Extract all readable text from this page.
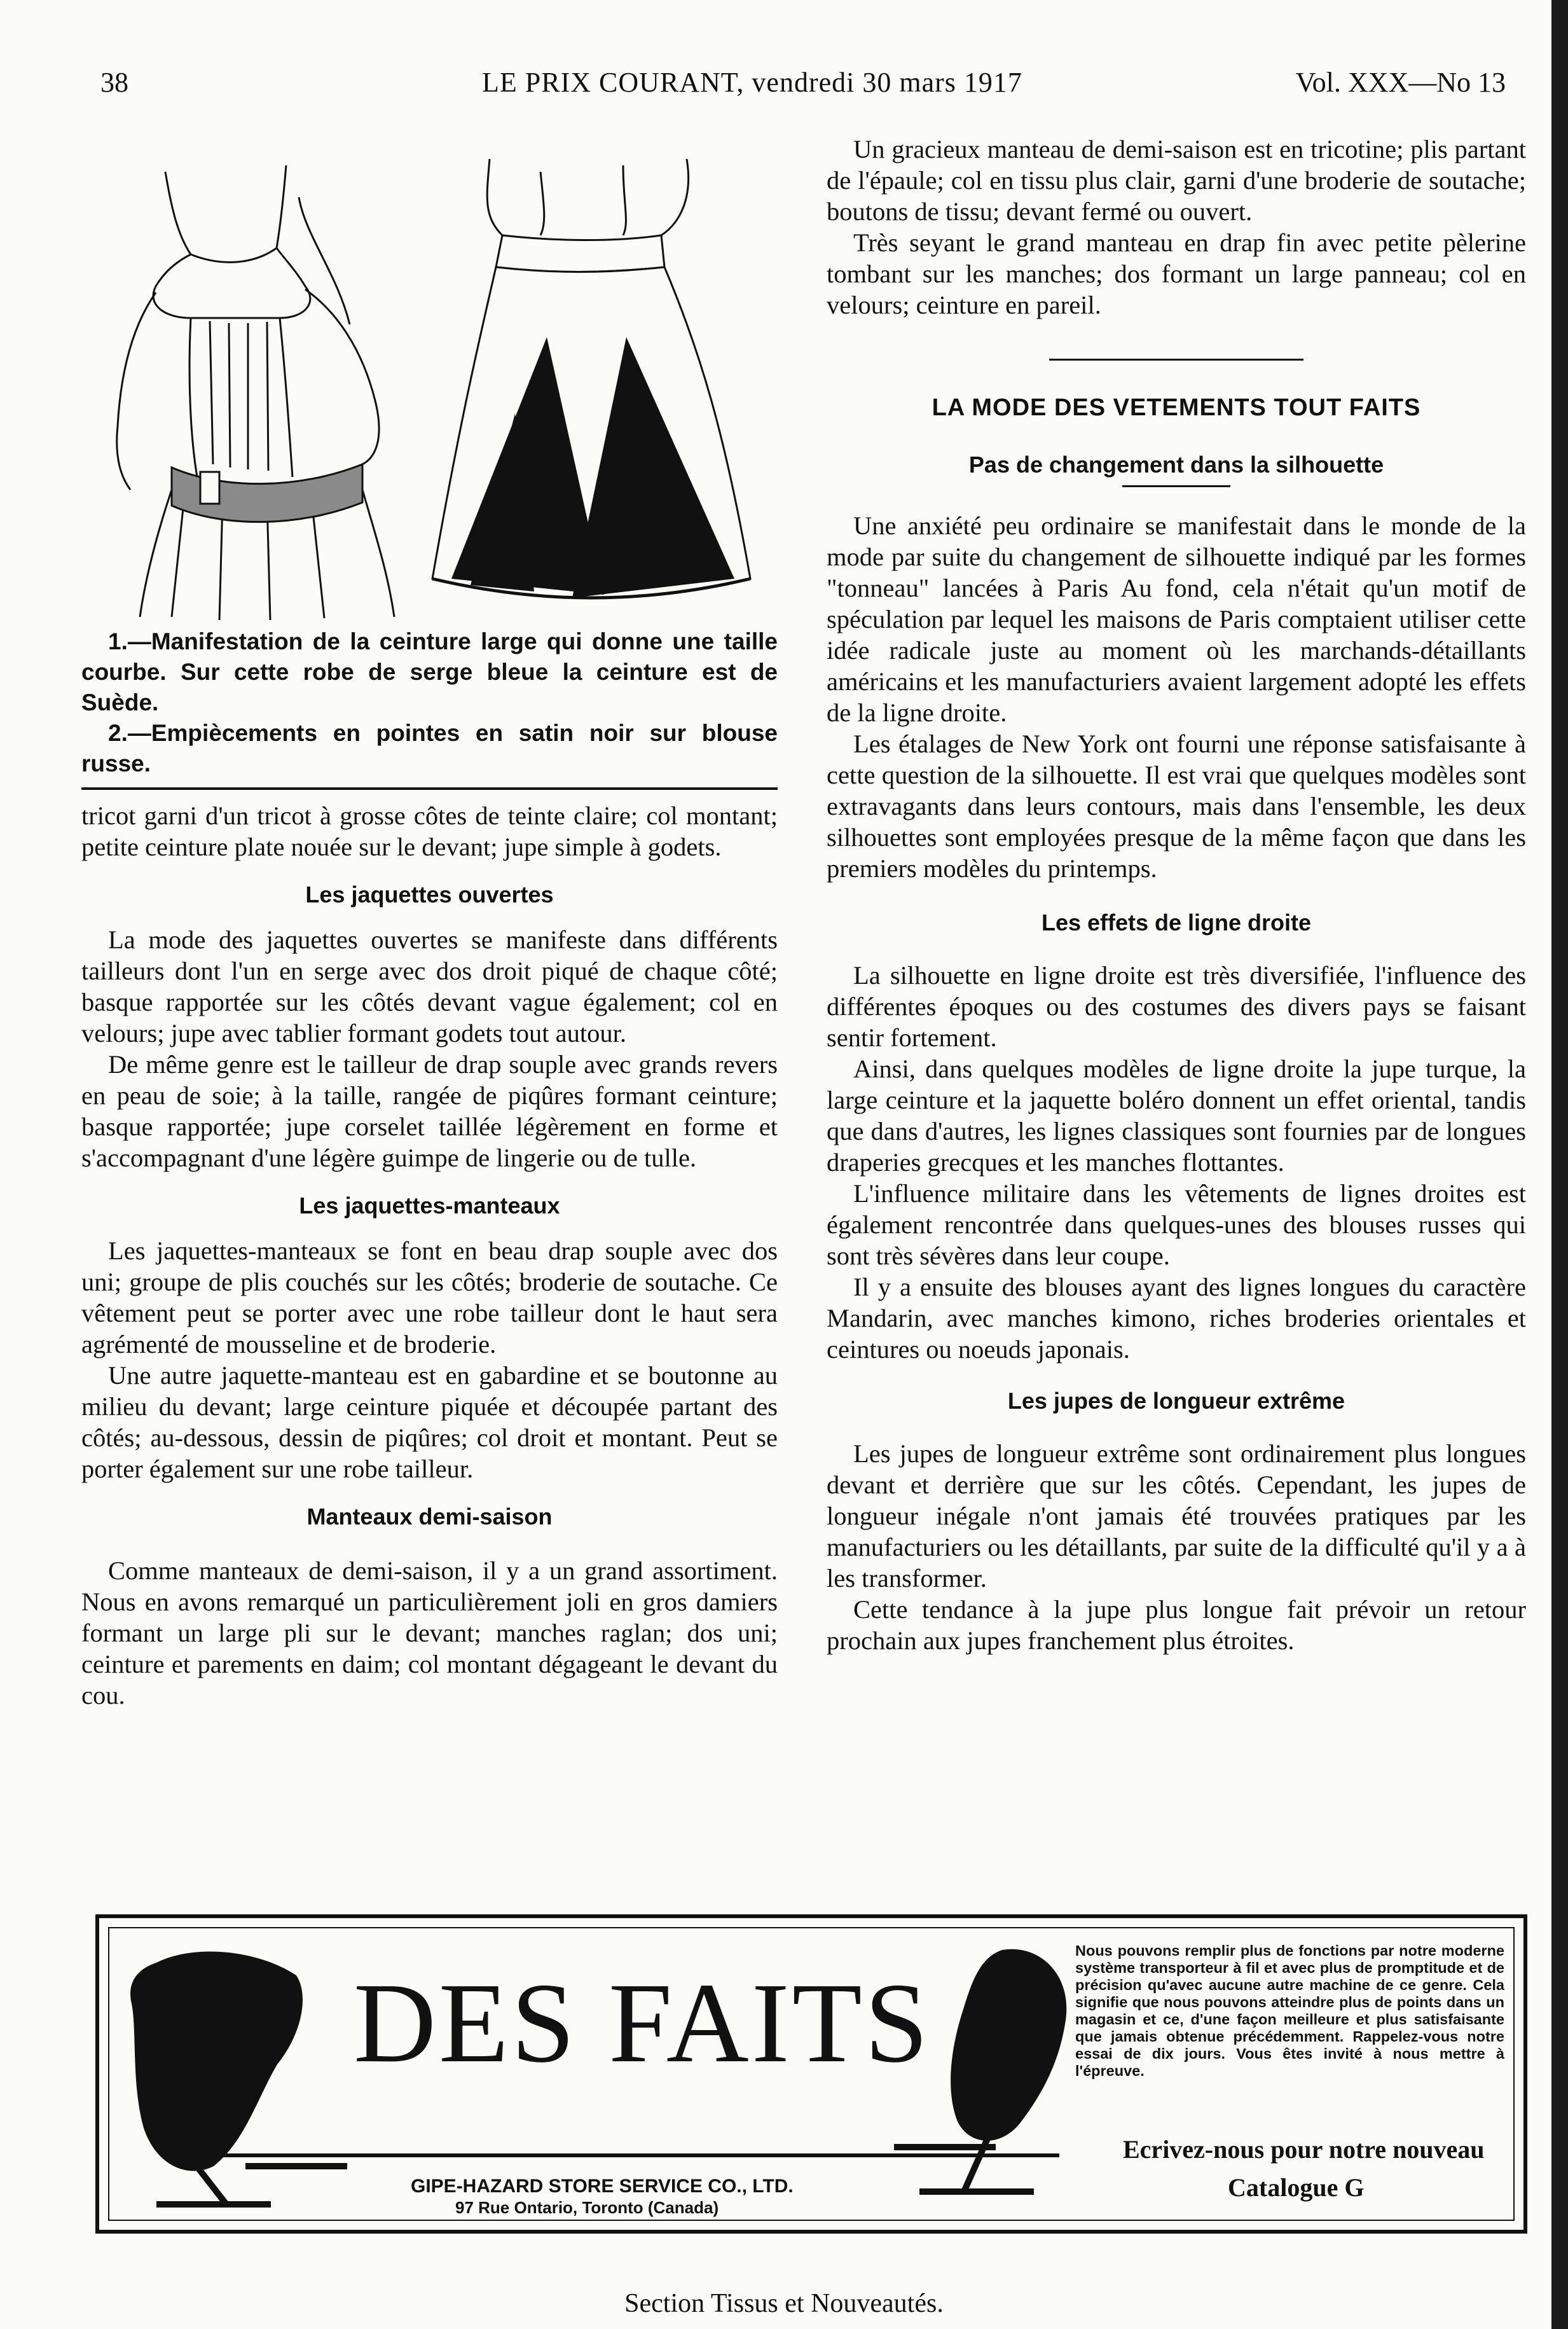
38	LE PRIX COURANT, vendredi 30 mars 1917	Vol. XXX—No 13

1.—Manifestation de la ceinture large qui donne une taille courbe. Sur cette robe de serge bleue la ceinture est de Suède.

2.—Empiècements en pointes en satin noir sur blouse russe.

tricot garni d'un tricot à grosse côtes de teinte claire; col montant; petite ceinture plate nouée sur le devant; jupe simple à godets.

Les jaquettes ouvertes

La mode des jaquettes ouvertes se manifeste dans différents tailleurs dont l'un en serge avec dos droit piqué de chaque côté; basque rapportée sur les côtés devant vague également; col en velours; jupe avec tablier formant godets tout autour.

De même genre est le tailleur de drap souple avec grands revers en peau de soie; à la taille, rangée de piqûres formant ceinture; basque rapportée; jupe corselet taillée légèrement en forme et s'accompagnant d'une légère guimpe de lingerie ou de tulle.

Les jaquettes-manteaux

Les jaquettes-manteaux se font en beau drap souple avec dos uni; groupe de plis couchés sur les côtés; broderie de soutache. Ce vêtement peut se porter avec une robe tailleur dont le haut sera agrémenté de mousseline et de broderie.

Une autre jaquette-manteau est en gabardine et se boutonne au milieu du devant; large ceinture piquée et découpée partant des côtés; au-dessous, dessin de piqûres; col droit et montant. Peut se porter également sur une robe tailleur.

Manteaux demi-saison

Comme manteaux de demi-saison, il y a un grand assortiment. Nous en avons remarqué un particulièrement joli en gros damiers formant un large pli sur le devant; manches raglan; dos uni; ceinture et parements en daim; col montant dégageant le devant du cou.

Un gracieux manteau de demi-saison est en tricotine; plis partant de l'épaule; col en tissu plus clair, garni d'une broderie de soutache; boutons de tissu; devant fermé ou ouvert.

Très seyant le grand manteau en drap fin avec petite pèlerine tombant sur les manches; dos formant un large panneau; col en velours; ceinture en pareil.

LA MODE DES VETEMENTS TOUT FAITS
Pas de changement dans la silhouette

Une anxiété peu ordinaire se manifestait dans le monde de la mode par suite du changement de silhouette indiqué par les formes "tonneau" lancées à Paris Au fond, cela n'était qu'un motif de spéculation par lequel les maisons de Paris comptaient utiliser cette idée radicale juste au moment où les marchands-détaillants américains et les manufacturiers avaient largement adopté les effets de la ligne droite.

Les étalages de New York ont fourni une réponse satisfaisante à cette question de la silhouette. Il est vrai que quelques modèles sont extravagants dans leurs contours, mais dans l'ensemble, les deux silhouettes sont employées presque de la même façon que dans les premiers modèles du printemps.

Les effets de ligne droite

La silhouette en ligne droite est très diversifiée, l'influence des différentes époques ou des costumes des divers pays se faisant sentir fortement.

Ainsi, dans quelques modèles de ligne droite la jupe turque, la large ceinture et la jaquette boléro donnent un effet oriental, tandis que dans d'autres, les lignes classiques sont fournies par de longues draperies grecques et les manches flottantes.

L'influence militaire dans les vêtements de lignes droites est également rencontrée dans quelques-unes des blouses russes qui sont très sévères dans leur coupe.

Il y a ensuite des blouses ayant des lignes longues du caractère Mandarin, avec manches kimono, riches broderies orientales et ceintures ou noeuds japonais.

Les jupes de longueur extrême

Les jupes de longueur extrême sont ordinairement plus longues devant et derrière que sur les côtés. Cependant, les jupes de longueur inégale n'ont jamais été trouvées pratiques par les manufacturiers ou les détaillants, par suite de la difficulté qu'il y a à les transformer.

Cette tendance à la jupe plus longue fait prévoir un retour prochain aux jupes franchement plus étroites.

DES FAITS
GIPE-HAZARD STORE SERVICE CO., LTD.
97 Rue Ontario, Toronto (Canada)
Nous pouvons remplir plus de fonctions par notre moderne système transporteur à fil et avec plus de promptitude et de précision qu'avec aucune autre machine de ce genre. Cela signifie que nous pouvons atteindre plus de points dans un magasin et ce, d'une façon meilleure et plus satisfaisante que jamais obtenue précédemment. Rappelez-vous notre essai de dix jours. Vous êtes invité à nous mettre à l'épreuve.
Ecrivez-nous pour notre nouveau
Catalogue G
Section Tissus et Nouveautés.
